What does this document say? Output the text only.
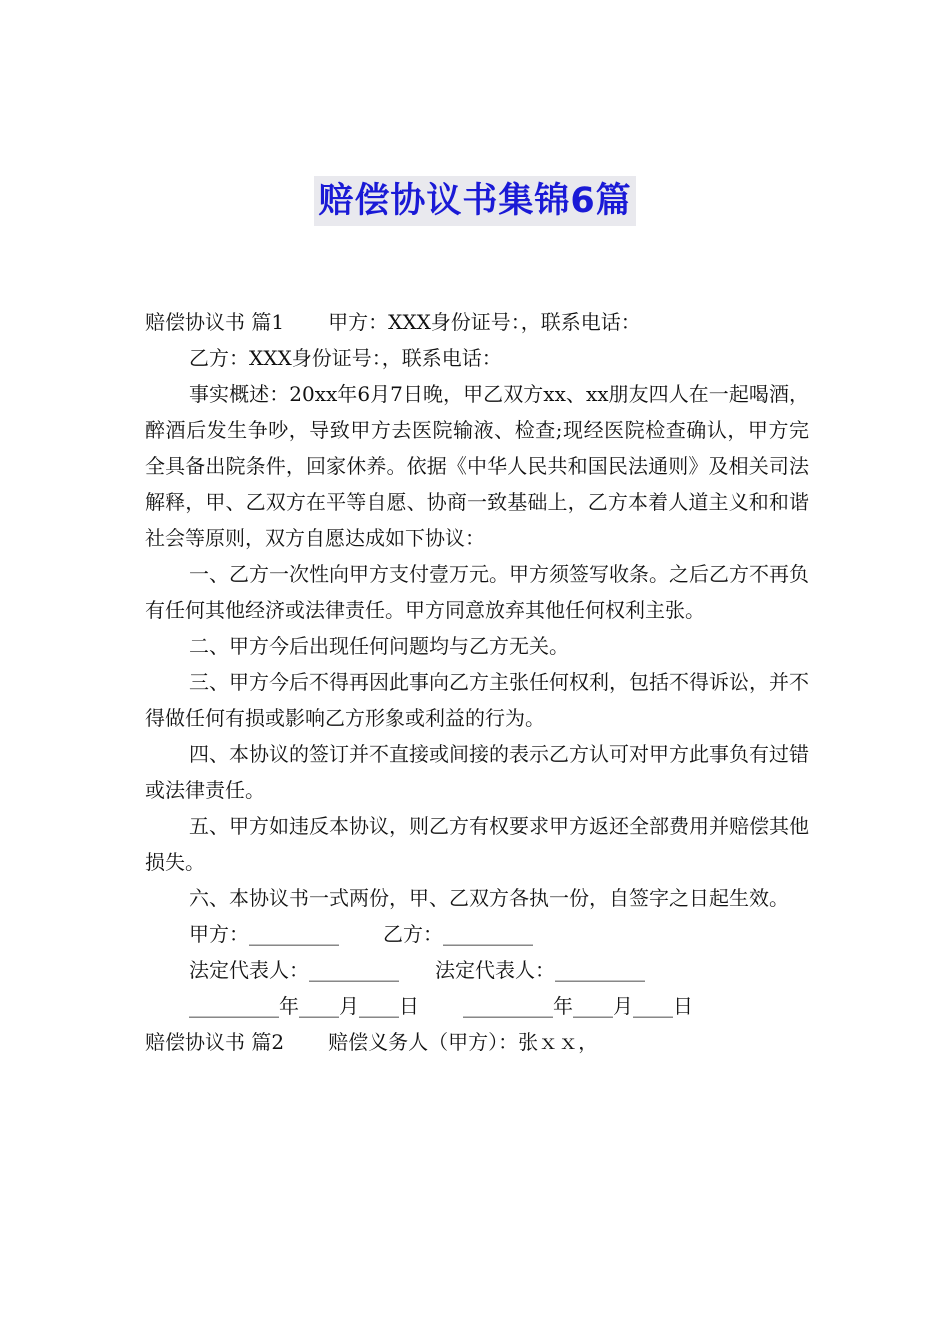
赔偿协议书集锦6篇

赔偿协议书 篇1 甲方：XXX身份证号：，联系电话：

乙方：XXX身份证号：，联系电话：

事实概述：20xx年6月7日晚，甲乙双方xx、xx朋友四人在一起喝酒，醉酒后发生争吵，导致甲方去医院输液、检查;现经医院检查确认，甲方完全具备出院条件，回家休养。依据《中华人民共和国民法通则》及相关司法解释，甲、乙双方在平等自愿、协商一致基础上，乙方本着人道主义和和谐社会等原则，双方自愿达成如下协议：

一、乙方一次性向甲方支付壹万元。甲方须签写收条。之后乙方不再负有任何其他经济或法律责任。甲方同意放弃其他任何权利主张。

二、甲方今后出现任何问题均与乙方无关。

三、甲方今后不得再因此事向乙方主张任何权利，包括不得诉讼，并不得做任何有损或影响乙方形象或利益的行为。

四、本协议的签订并不直接或间接的表示乙方认可对甲方此事负有过错或法律责任。

五、甲方如违反本协议，则乙方有权要求甲方返还全部费用并赔偿其他损失。

六、本协议书一式两份，甲、乙双方各执一份，自签字之日起生效。

甲方：_________ 乙方：_________

法定代表人：_________ 法定代表人：_________

_________年____月____日 _________年____月____日

赔偿协议书 篇2 赔偿义务人（甲方）：张ｘｘ，
